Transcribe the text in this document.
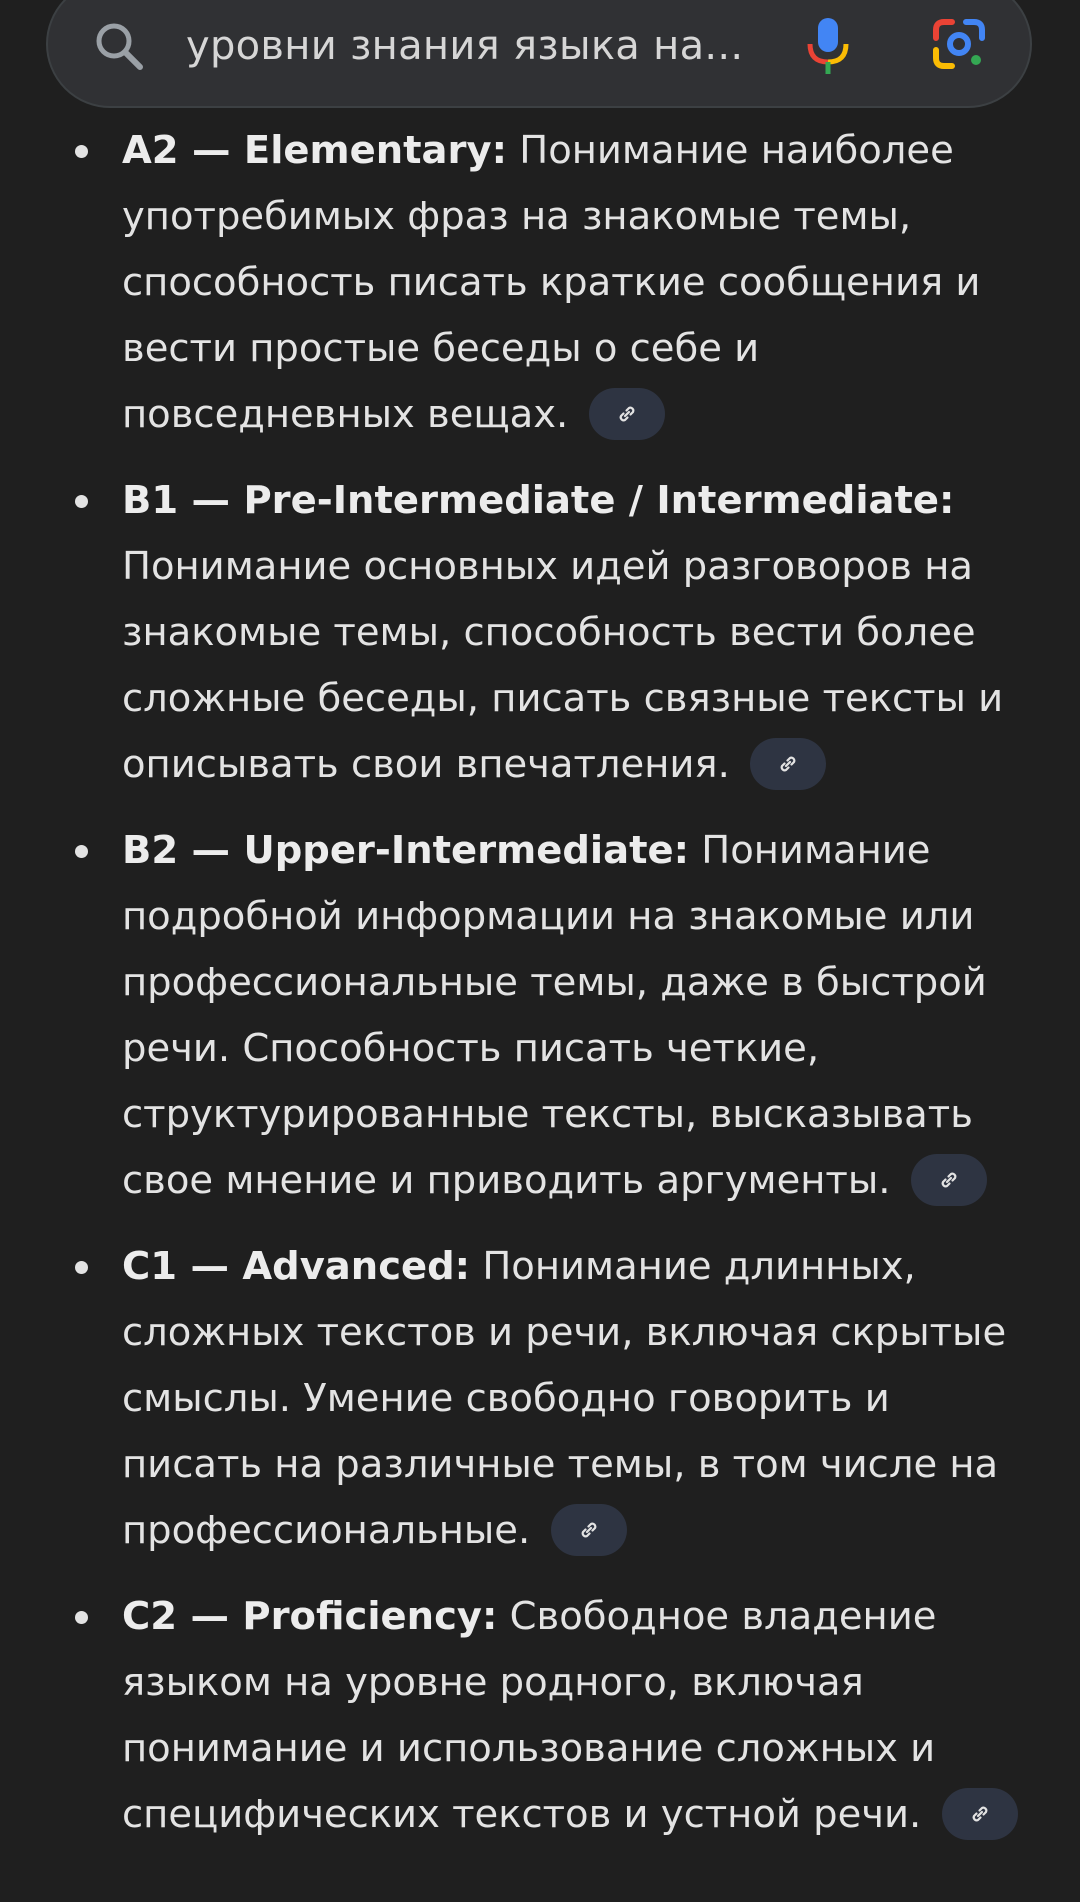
уровни знания языка на...
A2 — Elementary: Понимание наиболее употребимых фраз на знакомые темы, способность писать краткие сообщения и вести простые беседы о себе и повседневных вещах.
B1 — Pre-Intermediate / Intermediate: Понимание основных идей разговоров на знакомые темы, способность вести более сложные беседы, писать связные тексты и описывать свои впечатления.
B2 — Upper-Intermediate: Понимание подробной информации на знакомые или профессиональные темы, даже в быстрой речи. Способность писать четкие, структурированные тексты, высказывать свое мнение и приводить аргументы.
C1 — Advanced: Понимание длинных, сложных текстов и речи, включая скрытые смыслы. Умение свободно говорить и писать на различные темы, в том числе на профессиональные.
C2 — Proficiency: Свободное владение языком на уровне родного, включая понимание и использование сложных и специфических текстов и устной речи.
